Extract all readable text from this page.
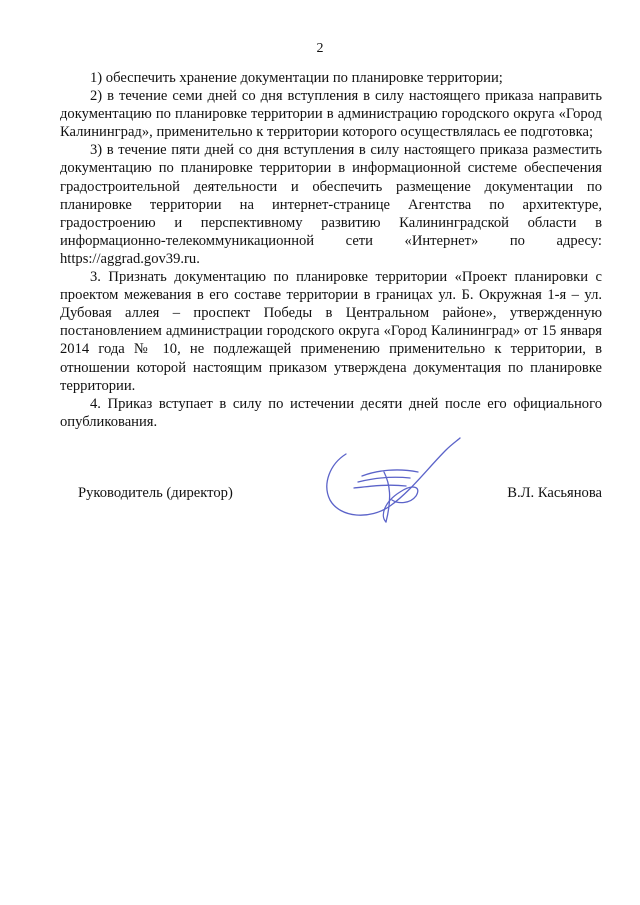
2

1) обеспечить хранение документации по планировке территории;

2) в течение семи дней со дня вступления в силу настоящего приказа направить документацию по планировке территории в администрацию городского округа «Город Калининград», применительно к территории которого осуществлялась ее подготовка;

3) в течение пяти дней со дня вступления в силу настоящего приказа разместить документацию по планировке территории в информационной системе обеспечения градостроительной деятельности и обеспечить размещение документации по планировке территории на интернет-странице Агентства по архитектуре, градостроению и перспективному развитию Калининградской области в информационно-телекоммуникационной сети «Интернет» по адресу: https://aggrad.gov39.ru.

3. Признать документацию по планировке территории «Проект планировки с проектом межевания в его составе территории в границах ул. Б. Окружная 1-я – ул. Дубовая аллея – проспект Победы в Центральном районе», утвержденную постановлением администрации городского округа «Город Калининград» от 15 января 2014 года № 10, не подлежащей применению применительно к территории, в отношении которой настоящим приказом утверждена документация по планировке территории.

4. Приказ вступает в силу по истечении десяти дней после его официального опубликования.

Руководитель (директор)	В.Л. Касьянова
